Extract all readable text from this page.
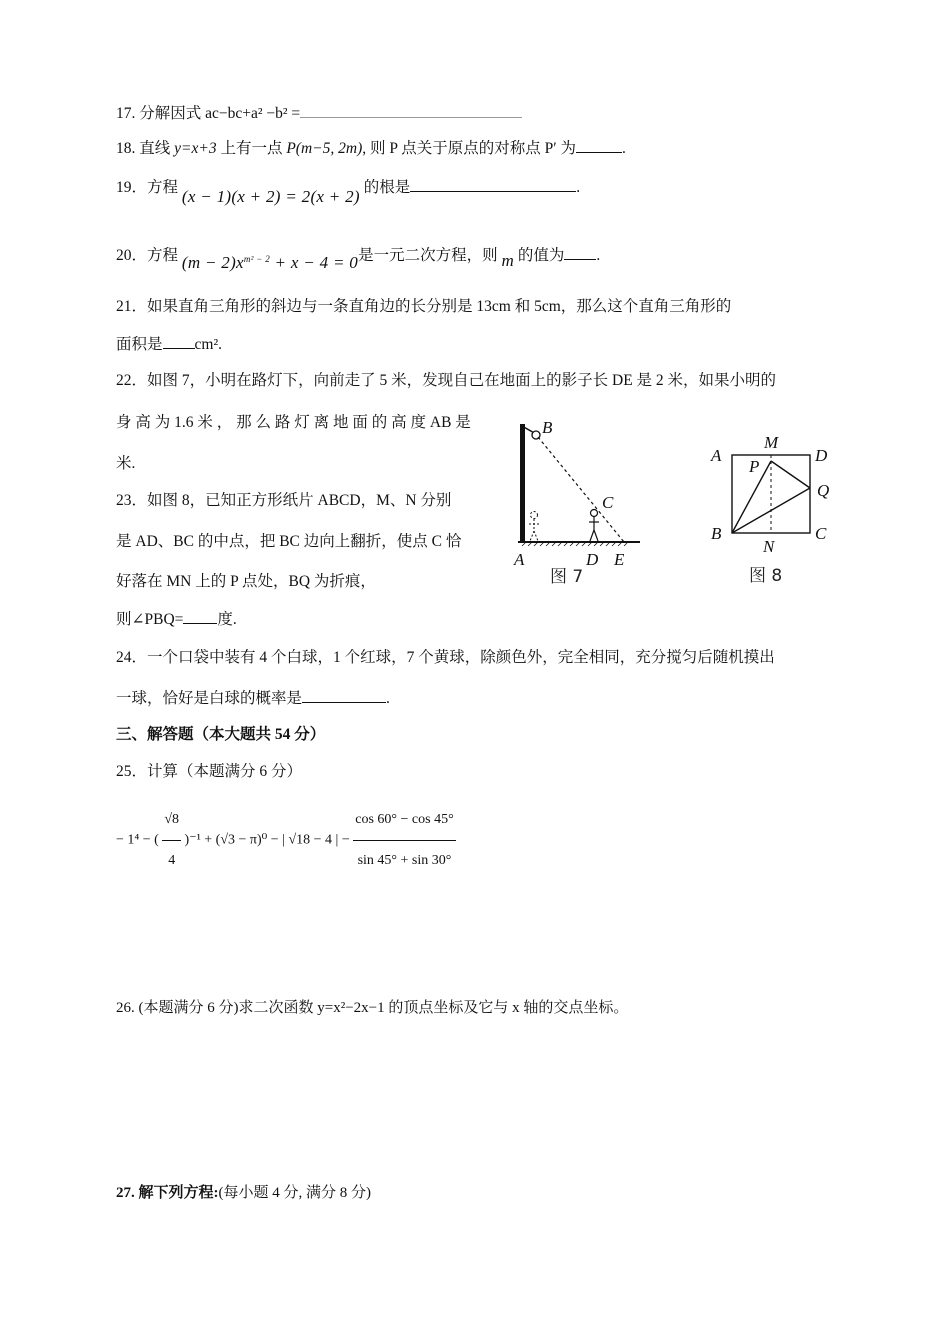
17. 分解因式 ac−bc+a² −b² =
18. 直线 y=x+3 上有一点 P(m−5, 2m), 则 P 点关于原点的对称点 P′ 为	.
19．方程 (x − 1)(x + 2) = 2(x + 2) 的根是	.
20．方程 $(m - 2)x^{m^2 - 2} + x - 4 = 0$是一元二次方程，则 m 的值为 .
21．如果直角三角形的斜边与一条直角边的长分别是 13cm 和 5cm，那么这个直角三角形的
面积是 cm².
22．如图 7，小明在路灯下，向前走了 5 米，发现自己在地面上的影子长 DE 是 2 米，如果小明的
身 高 为 1.6 米 ， 那 么 路 灯 离 地 面 的 高 度 AB 是
米.
23．如图 8，已知正方形纸片 ABCD，M、N 分别
是 AD、BC 的中点，把 BC 边向上翻折，使点 C 恰
好落在 MN 上的 P 点处，BQ 为折痕，
则∠PBQ= 度.
24．一个口袋中装有 4 个白球，1 个红球，7 个黄球，除颜色外，完全相同，充分搅匀后随机摸出
一球，恰好是白球的概率是	.
三、解答题（本大题共 54 分）
25．计算（本题满分 6 分）
− 1⁴ − ( $\frac{√8}{4} )^{-1} + (√3 - \pi)^0$ − | √18 − 4 | − $\frac{\cos 60^\circ - \cos 45^\circ}{\sin 45^\circ + \sin 30^\circ}$
26. (本题满分 6 分)求二次函数 y=x²−2x−1 的顶点坐标及它与 x 轴的交点坐标。
27. 解下列方程:(每小题 4 分, 满分 8 分)
B
C
A	D E
图 7
A
M
D
P
Q
B
N
C
图 8
